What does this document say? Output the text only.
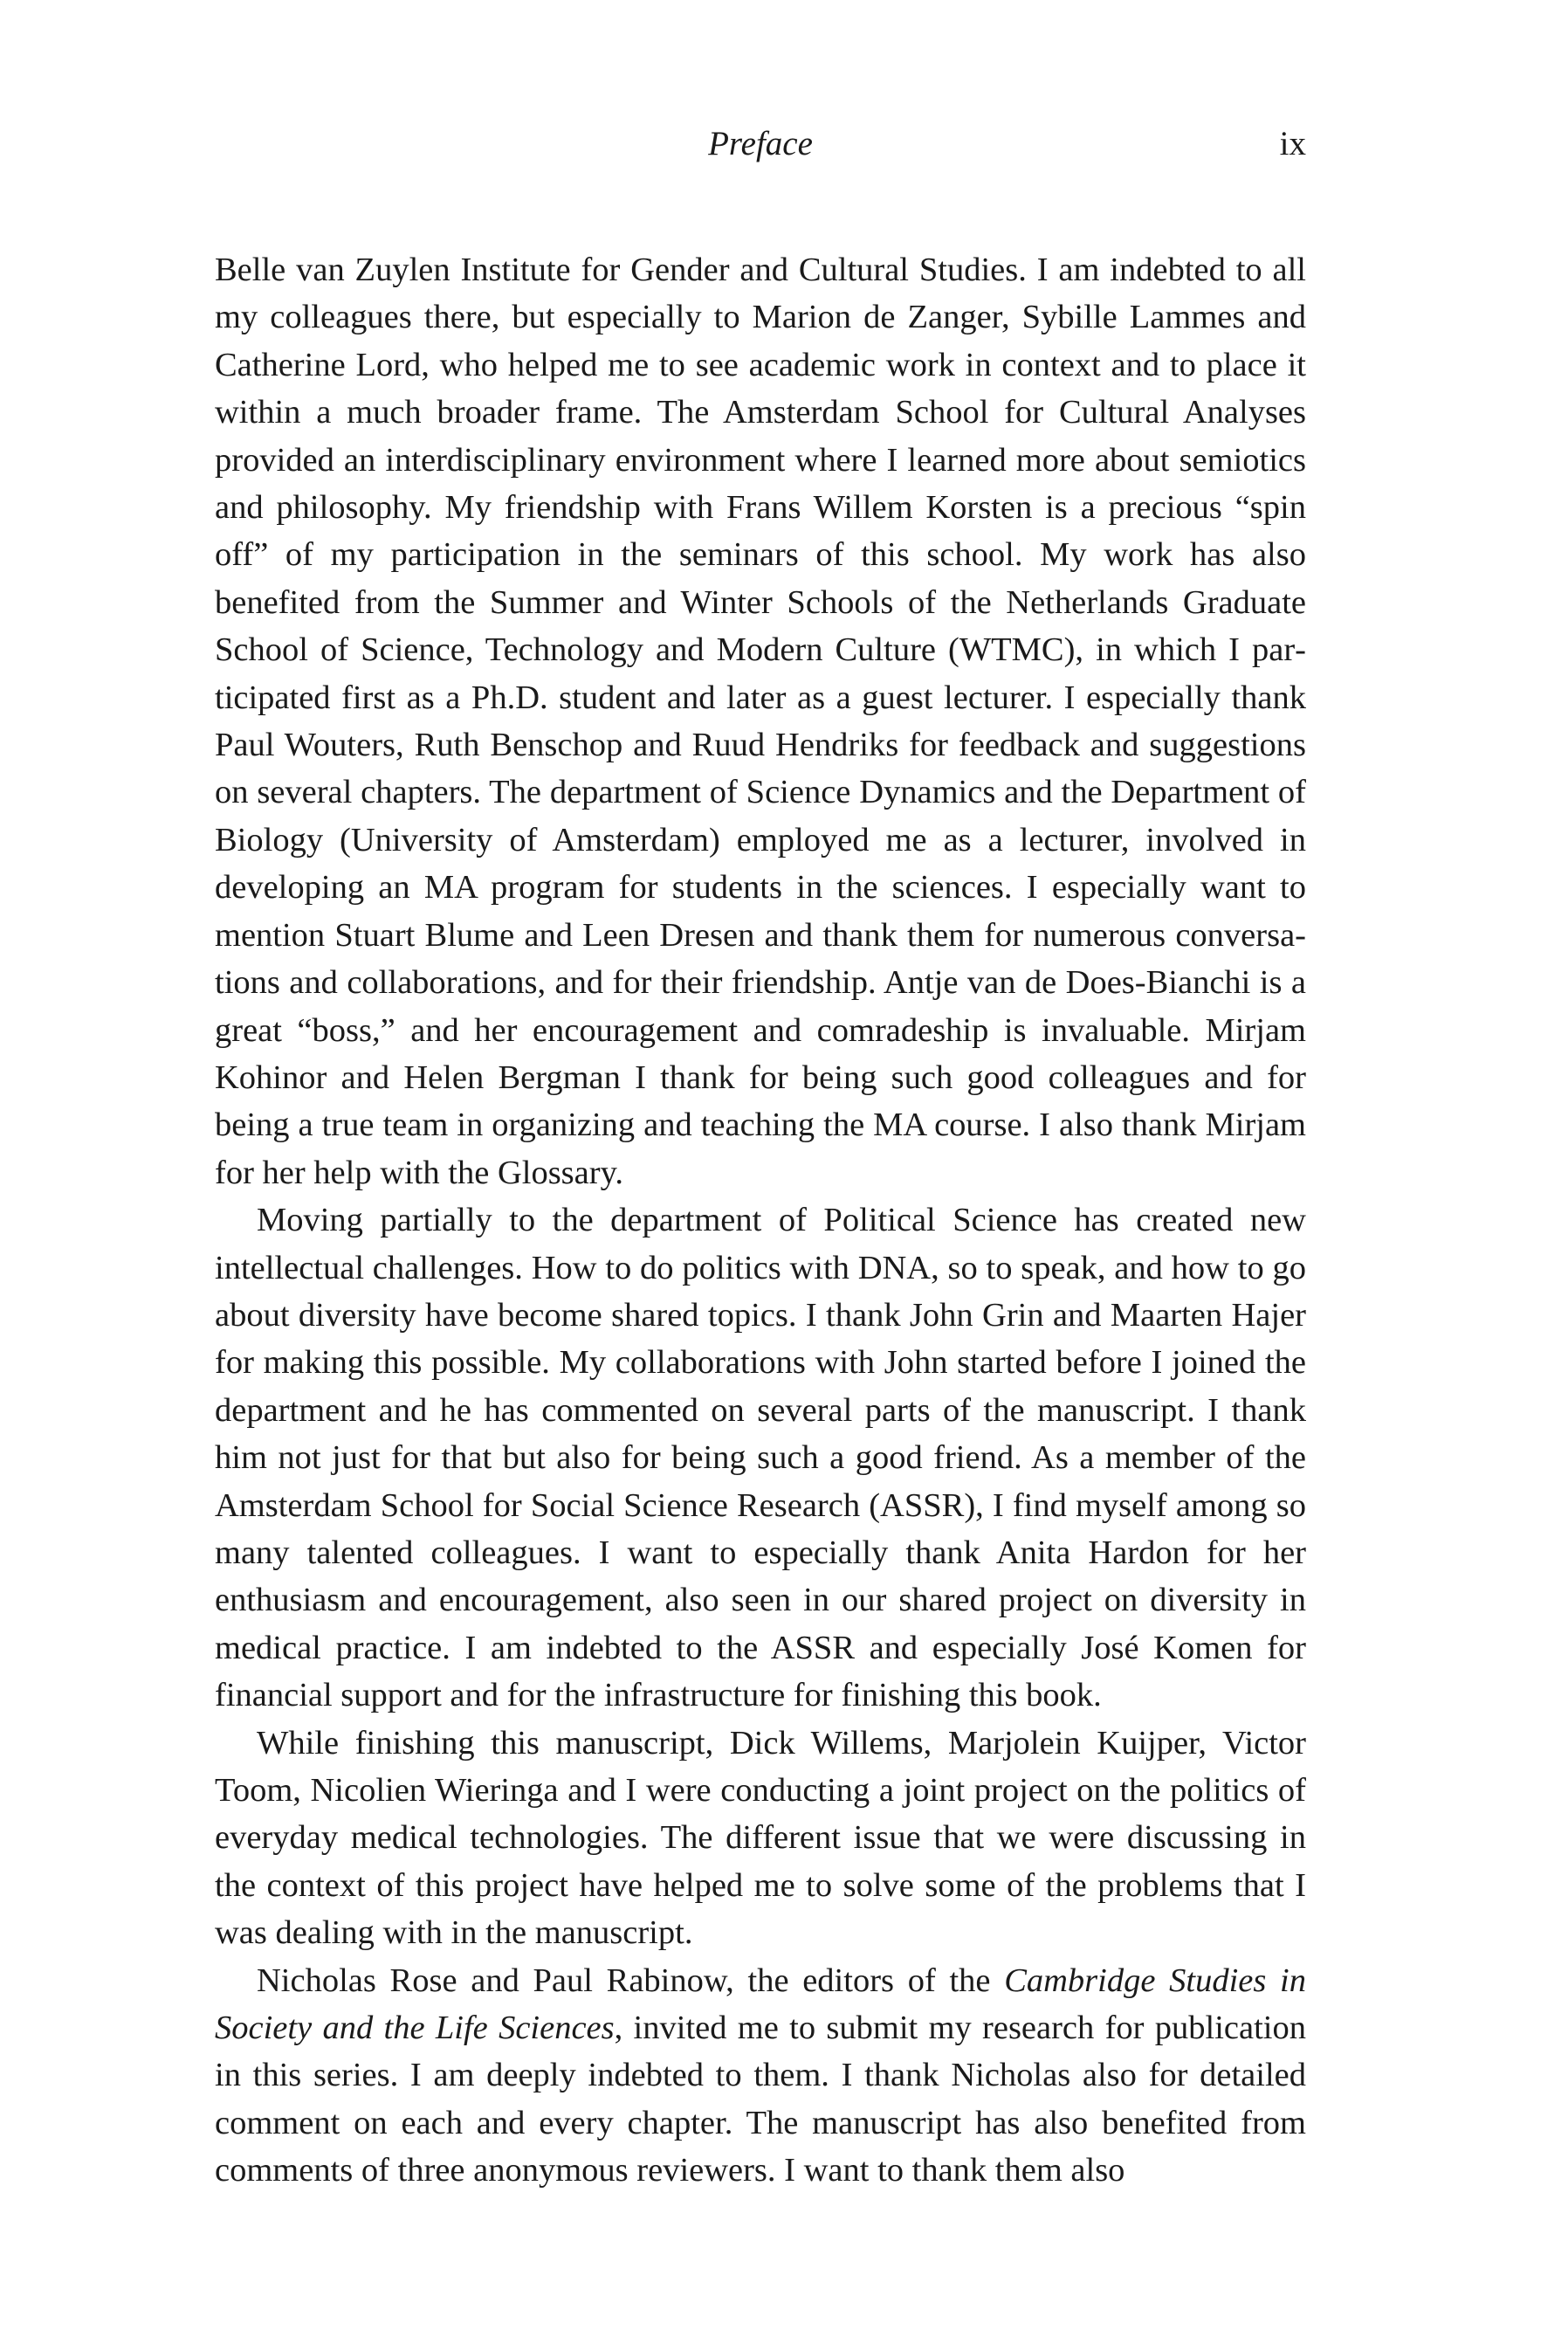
Preface	ix

Belle van Zuylen Institute for Gender and Cultural Studies. I am indebted to all my colleagues there, but especially to Marion de Zanger, Sybille Lammes and Catherine Lord, who helped me to see academic work in context and to place it within a much broader frame. The Amsterdam School for Cultural Analyses provided an interdisciplinary environment where I learned more about semiotics and philosophy. My friendship with Frans Willem Korsten is a precious “spin off” of my participation in the seminars of this school. My work has also benefited from the Summer and Winter Schools of the Netherlands Graduate School of Science, Technology and Modern Culture (WTMC), in which I participated first as a Ph.D. student and later as a guest lecturer. I especially thank Paul Wouters, Ruth Benschop and Ruud Hendriks for feedback and suggestions on several chapters. The department of Science Dynamics and the Department of Biology (University of Amsterdam) employed me as a lecturer, involved in developing an MA program for students in the sciences. I especially want to mention Stuart Blume and Leen Dresen and thank them for numerous conversations and collaborations, and for their friendship. Antje van de Does-Bianchi is a great “boss,” and her encouragement and comradeship is invaluable. Mirjam Kohinor and Helen Bergman I thank for being such good colleagues and for being a true team in organizing and teaching the MA course. I also thank Mirjam for her help with the Glossary.

Moving partially to the department of Political Science has created new intellectual challenges. How to do politics with DNA, so to speak, and how to go about diversity have become shared topics. I thank John Grin and Maarten Hajer for making this possible. My collaborations with John started before I joined the department and he has commented on several parts of the manuscript. I thank him not just for that but also for being such a good friend. As a member of the Amsterdam School for Social Science Research (ASSR), I find myself among so many talented colleagues. I want to especially thank Anita Hardon for her enthusiasm and encouragement, also seen in our shared project on diversity in medical practice. I am indebted to the ASSR and especially José Komen for financial support and for the infrastructure for finishing this book.

While finishing this manuscript, Dick Willems, Marjolein Kuijper, Victor Toom, Nicolien Wieringa and I were conducting a joint project on the politics of everyday medical technologies. The different issue that we were discussing in the context of this project have helped me to solve some of the problems that I was dealing with in the manuscript.

Nicholas Rose and Paul Rabinow, the editors of the Cambridge Studies in Society and the Life Sciences, invited me to submit my research for publication in this series. I am deeply indebted to them. I thank Nicholas also for detailed comment on each and every chapter. The manuscript has also benefited from comments of three anonymous reviewers. I want to thank them also
